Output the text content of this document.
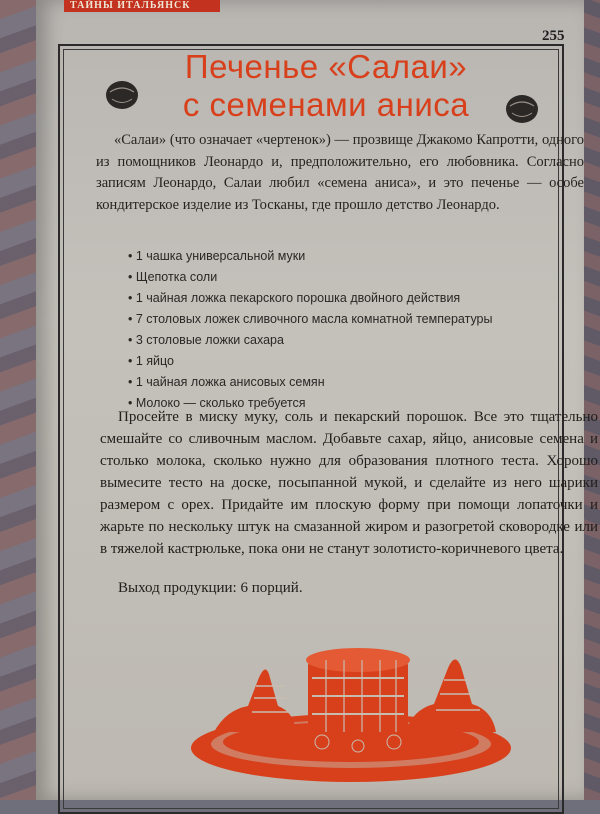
ТАЙНЫ ИТАЛЬЯНСК
255
Печенье «Салаи»
с семенами аниса
«Салаи» (что означает «чертенок») — прозвище Джакомо Капротти, одного из помощников Леонардо и, предположительно, его любовника. Согласно записям Леонардо, Салаи любил «семена аниса», и это печенье — особе кондитерское изделие из Тосканы, где прошло детство Леонардо.
• 1 чашка универсальной муки
• Щепотка соли
• 1 чайная ложка пекарского порошка двойного действия
• 7 столовых ложек сливочного масла комнатной температуры
• 3 столовые ложки сахара
• 1 яйцо
• 1 чайная ложка анисовых семян
• Молоко — сколько требуется
Просейте в миску муку, соль и пекарский порошок. Все это тщательно смешайте со сливочным маслом. Добавьте сахар, яйцо, анисовые семена и столько молока, сколько нужно для образования плотного теста. Хорошо вымесите тесто на доске, посыпанной мукой, и сделайте из него шарики размером с орех. Придайте им плоскую форму при помощи лопаточки и жарьте по нескольку штук на смазанной жиром и разогретой сковородке или в тяжелой кастрюльке, пока они не станут золотисто-коричневого цвета.
Выход продукции: 6 порций.
